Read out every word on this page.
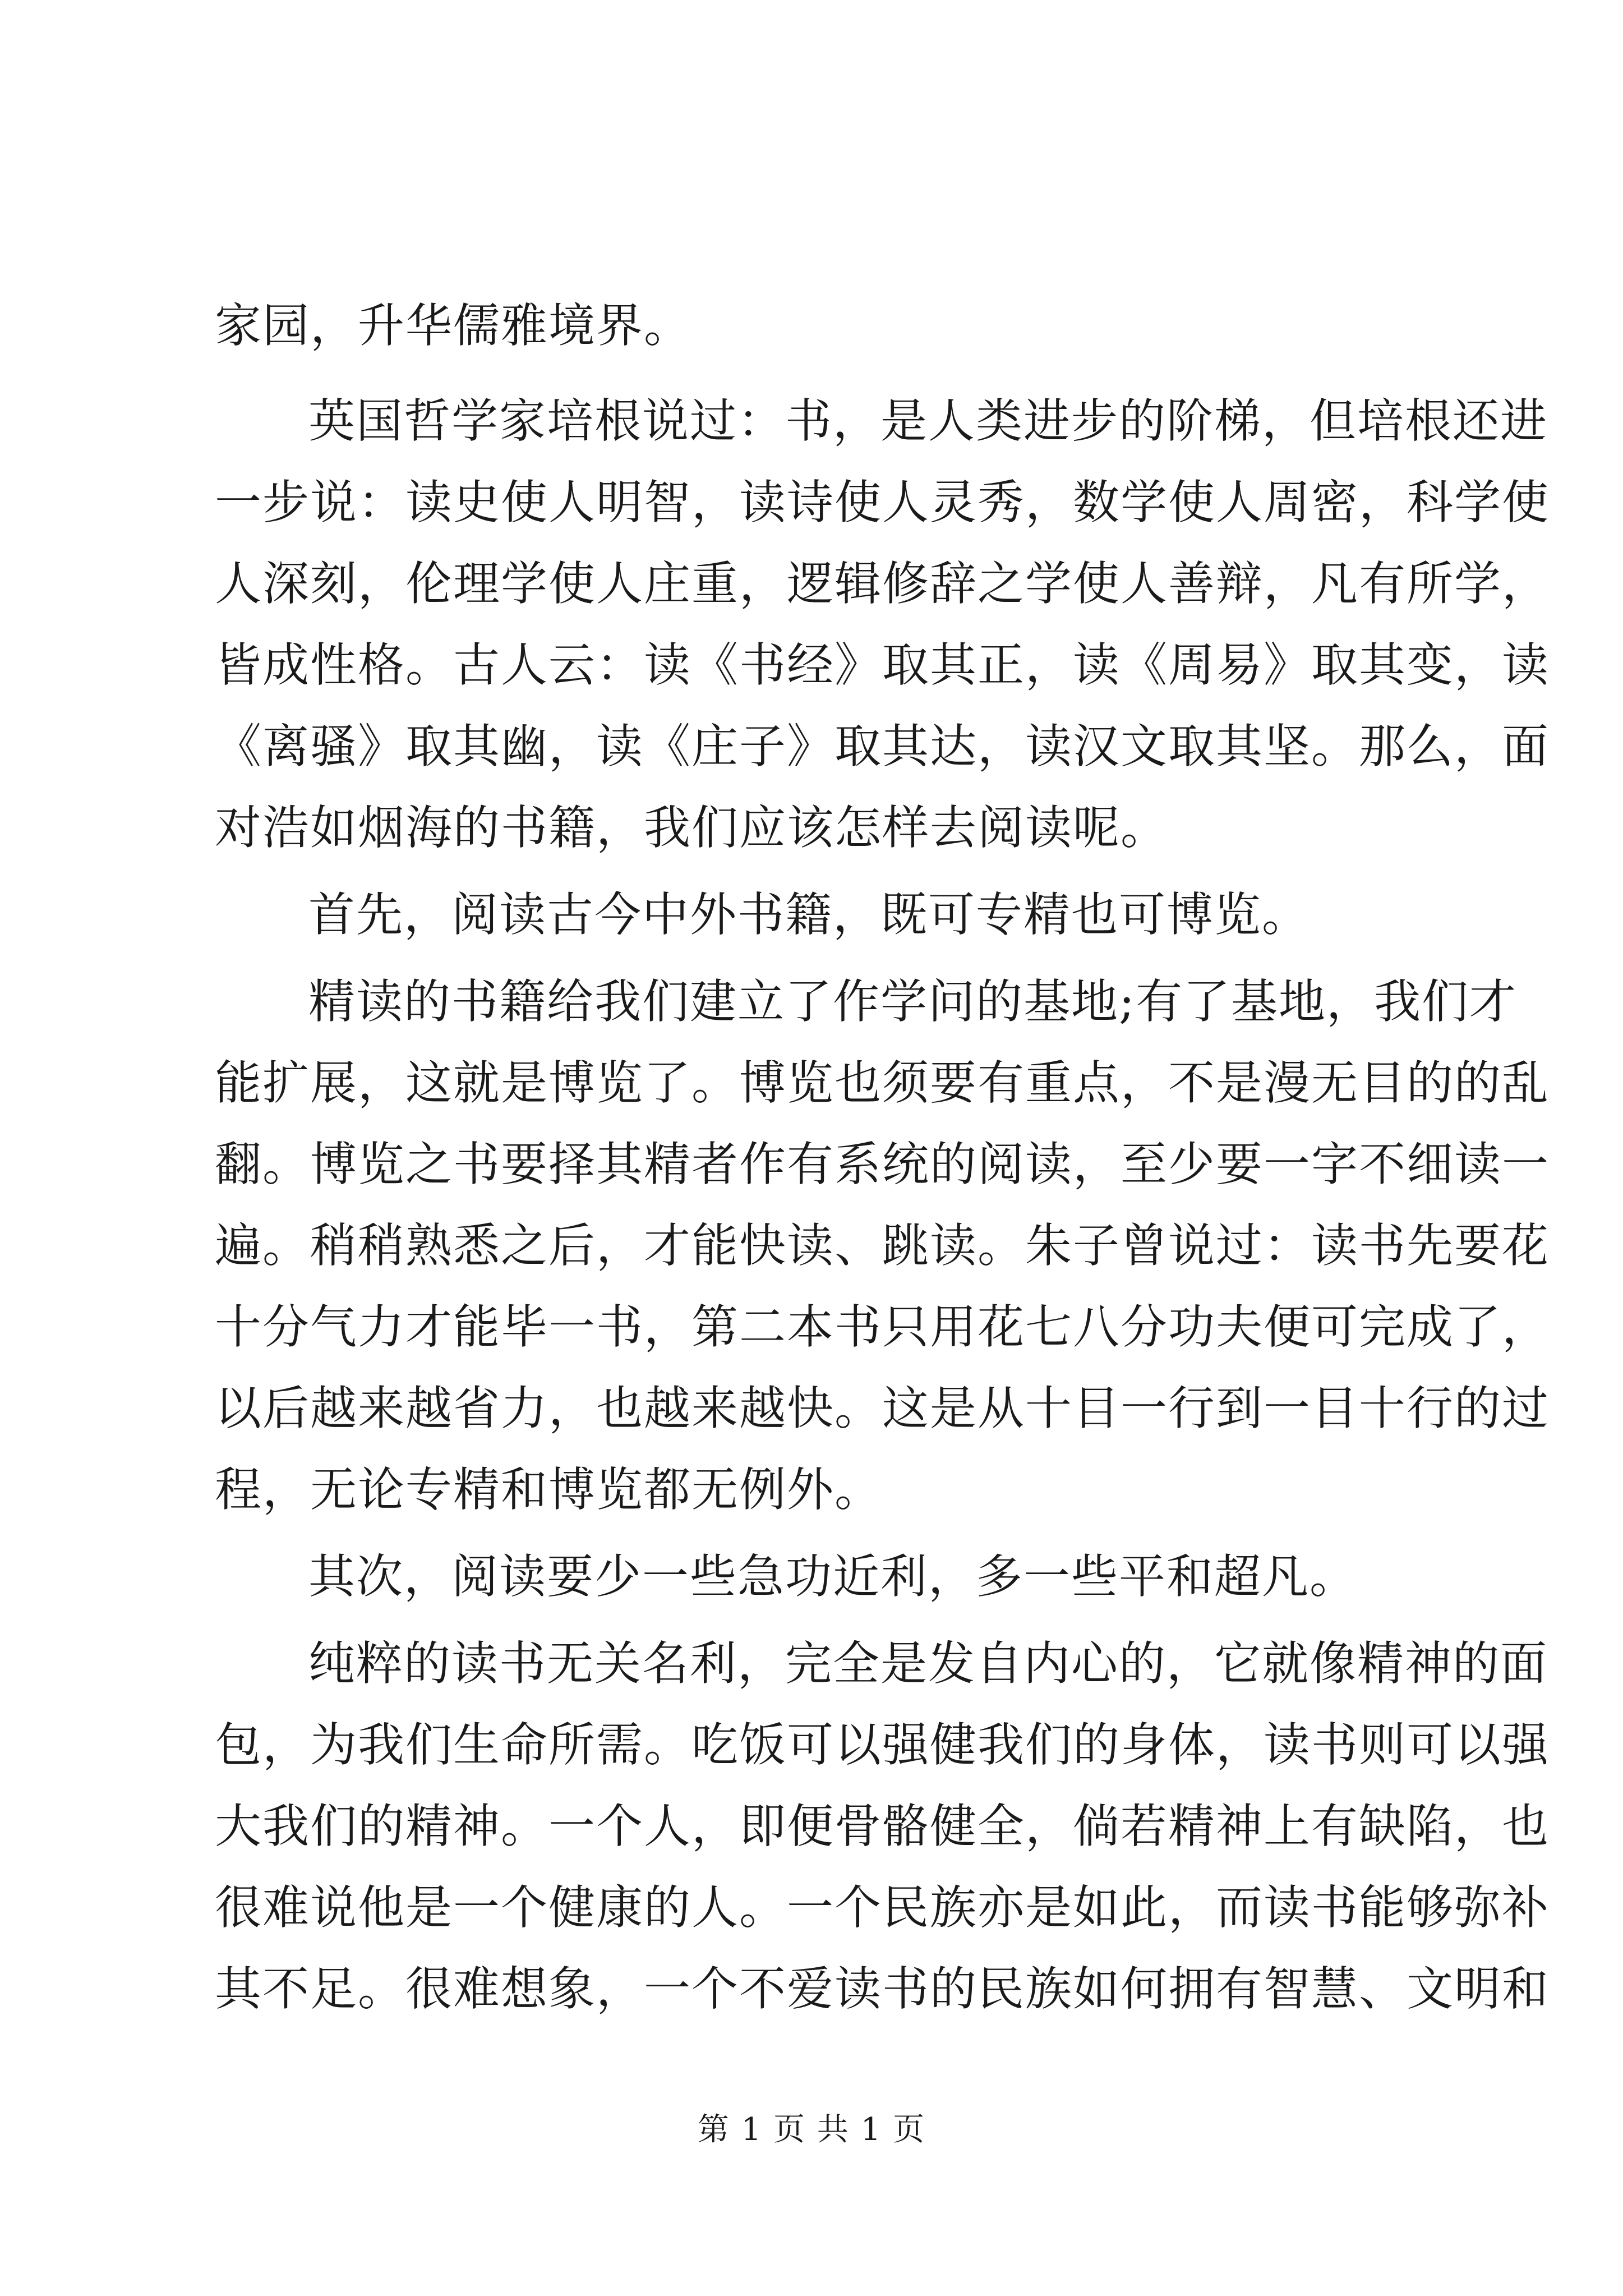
家园，升华儒雅境界。
英国哲学家培根说过：书，是人类进步的阶梯，但培根还进
一步说：读史使人明智，读诗使人灵秀，数学使人周密，科学使
人深刻，伦理学使人庄重，逻辑修辞之学使人善辩，凡有所学，
皆成性格。古人云：读《书经》取其正，读《周易》取其变，读
《离骚》取其幽，读《庄子》取其达，读汉文取其坚。那么，面
对浩如烟海的书籍，我们应该怎样去阅读呢。
首先，阅读古今中外书籍，既可专精也可博览。
精读的书籍给我们建立了作学问的基地;有了基地，我们才
能扩展，这就是博览了。博览也须要有重点，不是漫无目的的乱
翻。博览之书要择其精者作有系统的阅读，至少要一字不细读一
遍。稍稍熟悉之后，才能快读、跳读。朱子曾说过：读书先要花
十分气力才能毕一书，第二本书只用花七八分功夫便可完成了，
以后越来越省力，也越来越快。这是从十目一行到一目十行的过
程，无论专精和博览都无例外。
其次，阅读要少一些急功近利，多一些平和超凡。
纯粹的读书无关名利，完全是发自内心的，它就像精神的面
包，为我们生命所需。吃饭可以强健我们的身体，读书则可以强
大我们的精神。一个人，即便骨骼健全，倘若精神上有缺陷，也
很难说他是一个健康的人。一个民族亦是如此，而读书能够弥补
其不足。很难想象，一个不爱读书的民族如何拥有智慧、文明和
第 1 页 共 1 页
